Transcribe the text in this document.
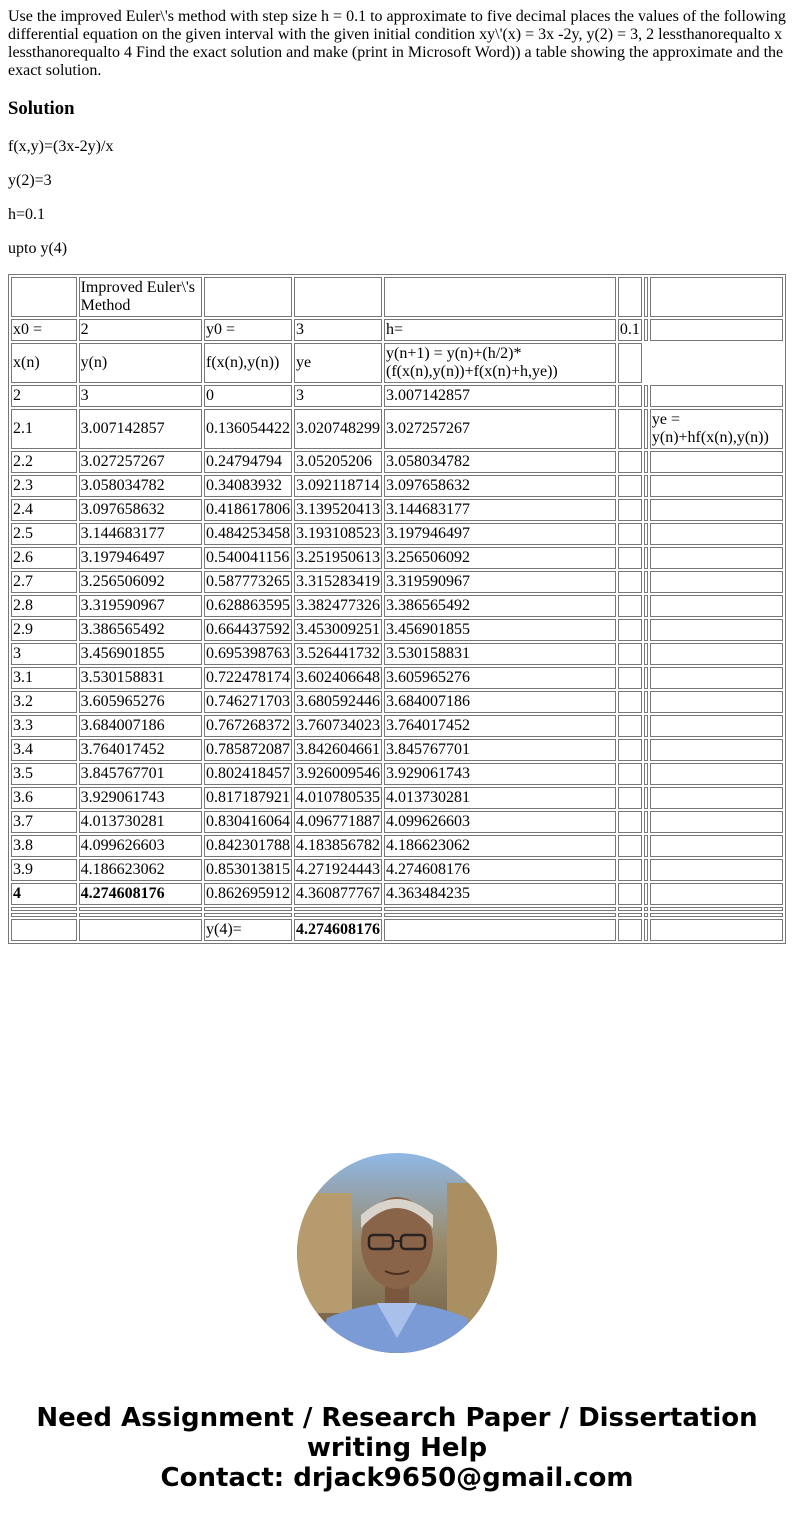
Use the improved Euler\'s method with step size h = 0.1 to approximate to five decimal places the values of the following differential equation on the given interval with the given initial condition xy\'(x) = 3x -2y, y(2) = 3, 2 lessthanorequalto x lessthanorequalto 4 Find the exact solution and make (print in Microsoft Word)) a table showing the approximate and the exact solution.
Solution

f(x,y)=(3x-2y)/x

y(2)=3

h=0.1

upto y(4)

	Improved Euler\'s Method						
x0 =	2	y0 =	3	h=	0.1		
x(n)	y(n)	f(x(n),y(n))	ye	y(n+1) = y(n)+(h/2)*(f(x(n),y(n))+f(x(n)+h,ye))			
2	3	0	3	3.007142857			
2.1	3.007142857	0.136054422	3.020748299	3.027257267			ye = y(n)+hf(x(n),y(n))
2.2	3.027257267	0.24794794	3.05205206	3.058034782			
2.3	3.058034782	0.34083932	3.092118714	3.097658632			
2.4	3.097658632	0.418617806	3.139520413	3.144683177			
2.5	3.144683177	0.484253458	3.193108523	3.197946497			
2.6	3.197946497	0.540041156	3.251950613	3.256506092			
2.7	3.256506092	0.587773265	3.315283419	3.319590967			
2.8	3.319590967	0.628863595	3.382477326	3.386565492			
2.9	3.386565492	0.664437592	3.453009251	3.456901855			
3	3.456901855	0.695398763	3.526441732	3.530158831			
3.1	3.530158831	0.722478174	3.602406648	3.605965276			
3.2	3.605965276	0.746271703	3.680592446	3.684007186			
3.3	3.684007186	0.767268372	3.760734023	3.764017452			
3.4	3.764017452	0.785872087	3.842604661	3.845767701			
3.5	3.845767701	0.802418457	3.926009546	3.929061743			
3.6	3.929061743	0.817187921	4.010780535	4.013730281			
3.7	4.013730281	0.830416064	4.096771887	4.099626603			
3.8	4.099626603	0.842301788	4.183856782	4.186623062			
3.9	4.186623062	0.853013815	4.271924443	4.274608176			
4	4.274608176	0.862695912	4.360877767	4.363484235			

		y(4)=	4.274608176				
Need Assignment / Research Paper / Dissertation
writing Help
Contact: drjack9650@gmail.com
